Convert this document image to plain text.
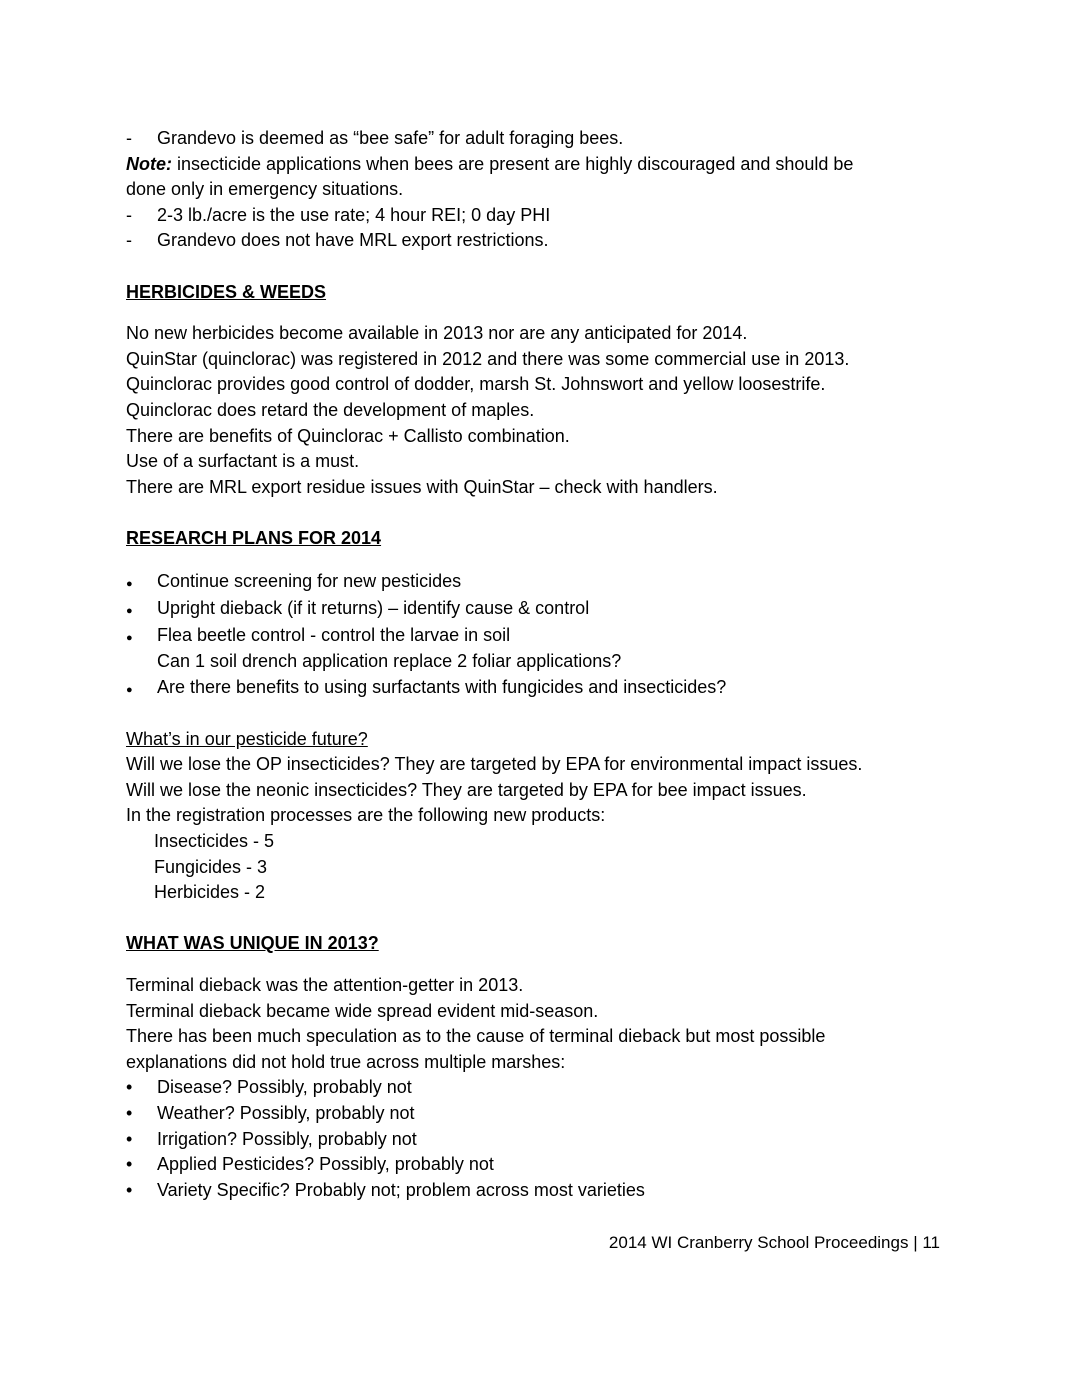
- Grandevo is deemed as “bee safe” for adult foraging bees.
Note: insecticide applications when bees are present are highly discouraged and should be
done only in emergency situations.
- 2-3 lb./acre is the use rate; 4 hour REI; 0 day PHI
- Grandevo does not have MRL export restrictions.
HERBICIDES & WEEDS
No new herbicides become available in 2013 nor are any anticipated for 2014.
QuinStar (quinclorac) was registered in 2012 and there was some commercial use in 2013.
Quinclorac provides good control of dodder, marsh St. Johnswort and yellow loosestrife.
Quinclorac does retard the development of maples.
There are benefits of Quinclorac + Callisto combination.
Use of a surfactant is a must.
There are MRL export residue issues with QuinStar – check with handlers.
RESEARCH PLANS FOR 2014
● Continue screening for new pesticides
● Upright dieback (if it returns) – identify cause & control
● Flea beetle control - control the larvae in soil
Can 1 soil drench application replace 2 foliar applications?
● Are there benefits to using surfactants with fungicides and insecticides?
What’s in our pesticide future?
Will we lose the OP insecticides? They are targeted by EPA for environmental impact issues.
Will we lose the neonic insecticides? They are targeted by EPA for bee impact issues.
In the registration processes are the following new products:
Insecticides - 5
Fungicides - 3
Herbicides - 2
WHAT WAS UNIQUE IN 2013?
Terminal dieback was the attention-getter in 2013.
Terminal dieback became wide spread evident mid-season.
There has been much speculation as to the cause of terminal dieback but most possible
explanations did not hold true across multiple marshes:
• Disease? Possibly, probably not
• Weather? Possibly, probably not
• Irrigation? Possibly, probably not
• Applied Pesticides? Possibly, probably not
• Variety Specific? Probably not; problem across most varieties
2014 WI Cranberry School Proceedings | 11
